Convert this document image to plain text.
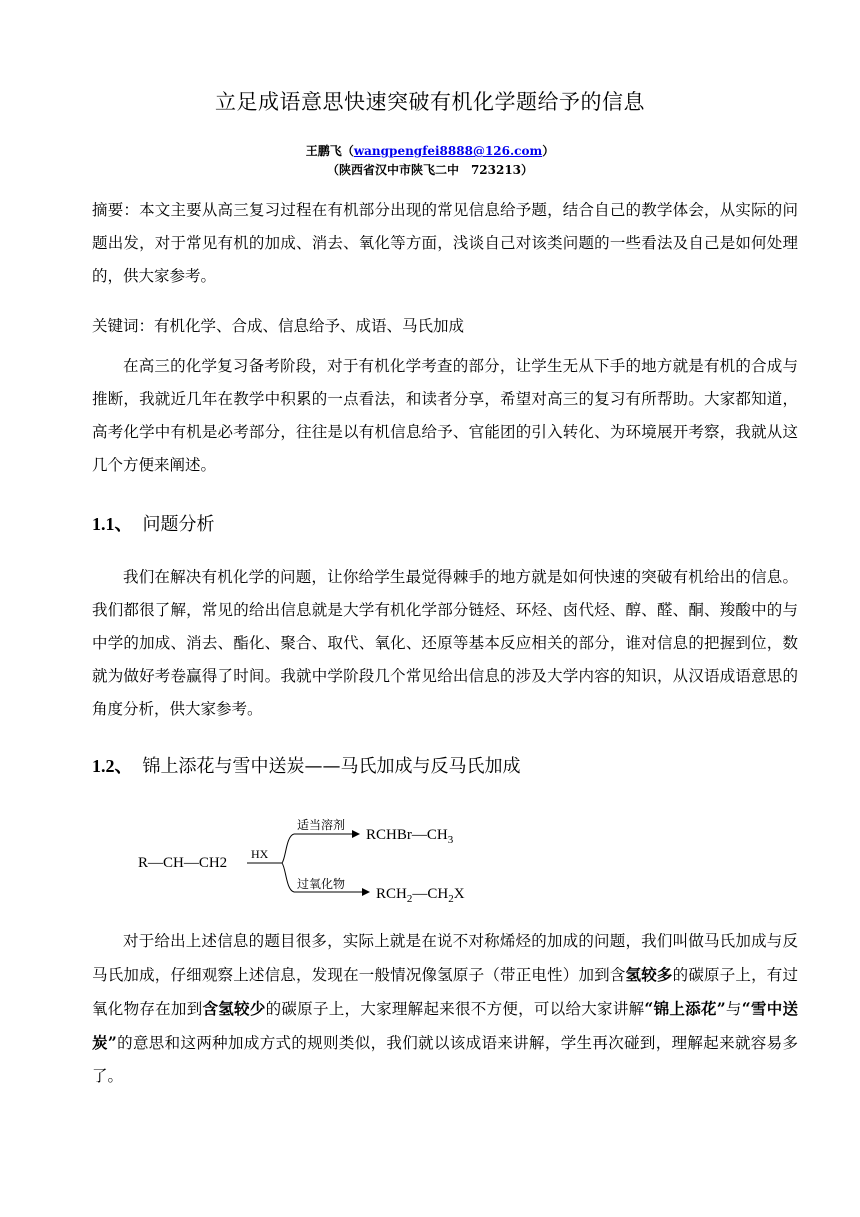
立足成语意思快速突破有机化学题给予的信息
王鹏飞（wangpengfei8888@126.com）
（陕西省汉中市陕飞二中　723213）

摘要：本文主要从高三复习过程在有机部分出现的常见信息给予题，结合自己的教学体会，从实际的问题出发，对于常见有机的加成、消去、氧化等方面，浅谈自己对该类问题的一些看法及自己是如何处理的，供大家参考。

关键词：有机化学、合成、信息给予、成语、马氏加成

在高三的化学复习备考阶段，对于有机化学考查的部分，让学生无从下手的地方就是有机的合成与推断，我就近几年在教学中积累的一点看法，和读者分享，希望对高三的复习有所帮助。大家都知道，高考化学中有机是必考部分，往往是以有机信息给予、官能团的引入转化、为环境展开考察，我就从这几个方便来阐述。

1.1、 问题分析

我们在解决有机化学的问题，让你给学生最觉得棘手的地方就是如何快速的突破有机给出的信息。我们都很了解，常见的给出信息就是大学有机化学部分链烃、环烃、卤代烃、醇、醛、酮、羧酸中的与中学的加成、消去、酯化、聚合、取代、氧化、还原等基本反应相关的部分，谁对信息的把握到位，数就为做好考卷赢得了时间。我就中学阶段几个常见给出信息的涉及大学内容的知识，从汉语成语意思的角度分析，供大家参考。

1.2、 锦上添花与雪中送炭——马氏加成与反马氏加成
R—CH—CH2
HX
适当溶剂
$RCHBr—CH_3$
过氧化物
$RCH_2—CH_2X$

对于给出上述信息的题目很多，实际上就是在说不对称烯烃的加成的问题，我们叫做马氏加成与反马氏加成，仔细观察上述信息，发现在一般情况像氢原子（带正电性）加到含氢较多的碳原子上，有过氧化物存在加到含氢较少的碳原子上，大家理解起来很不方便，可以给大家讲解“锦上添花”与“雪中送炭”的意思和这两种加成方式的规则类似，我们就以该成语来讲解，学生再次碰到，理解起来就容易多了。
